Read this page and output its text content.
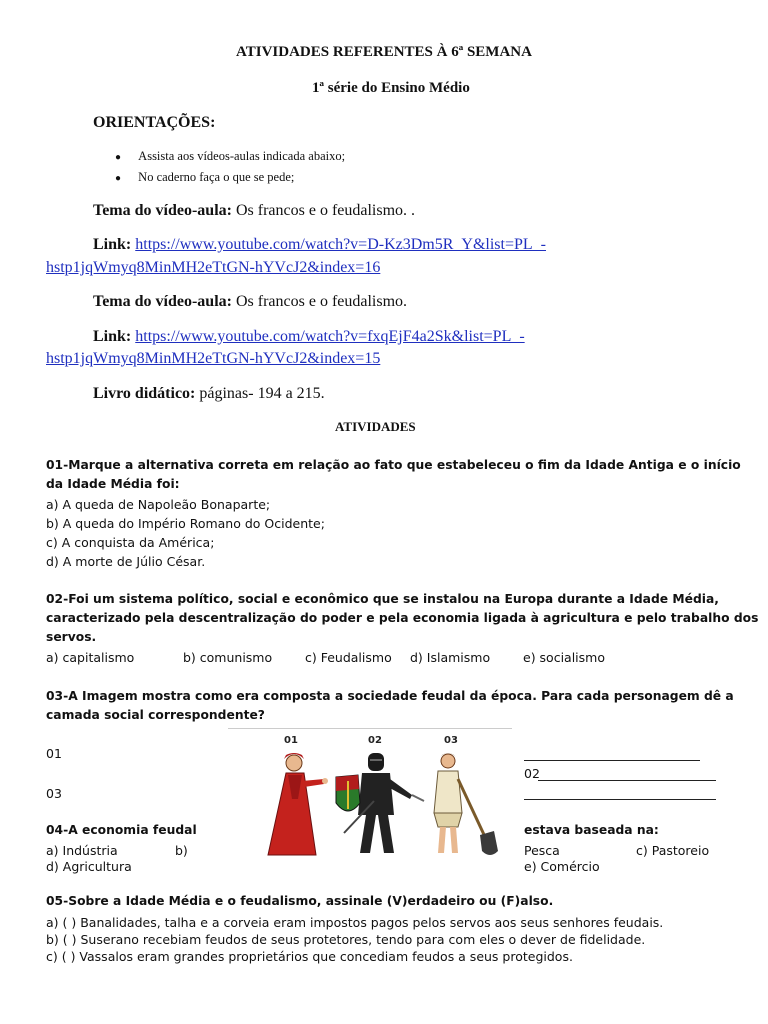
ATIVIDADES REFERENTES À 6ª SEMANA
1ª série do Ensino Médio
ORIENTAÇÕES:
● Assista aos vídeos-aulas indicada abaixo;
● No caderno faça o que se pede;
Tema do vídeo-aula: Os francos e o feudalismo. .
Link: https://www.youtube.com/watch?v=D-Kz3Dm5R_Y&list=PL_-
hstp1jqWmyq8MinMH2eTtGN-hYVcJ2&index=16
Tema do vídeo-aula: Os francos e o feudalismo.
Link: https://www.youtube.com/watch?v=fxqEjF4a2Sk&list=PL_-
hstp1jqWmyq8MinMH2eTtGN-hYVcJ2&index=15
Livro didático: páginas- 194 a 215.
ATIVIDADES
01-Marque a alternativa correta em relação ao fato que estabeleceu o fim da Idade Antiga e o início
da Idade Média foi:
a) A queda de Napoleão Bonaparte;
b) A queda do Império Romano do Ocidente;
c) A conquista da América;
d) A morte de Júlio César.
02-Foi um sistema político, social e econômico que se instalou na Europa durante a Idade Média,
caracterizado pela descentralização do poder e pela economia ligada à agricultura e pelo trabalho dos
servos.
a) capitalismo	b) comunismo	c) Feudalismo d) Islamismo	e) socialismo
03-A Imagem mostra como era composta a sociedade feudal da época. Para cada personagem dê a
camada social correspondente?
01
03
01	02	03
02
04-A economia feudal	estava baseada na:
a) Indústria	b)	Pesca	c) Pastoreio
d) Agricultura	e) Comércio
05-Sobre a Idade Média e o feudalismo, assinale (V)erdadeiro ou (F)also.
a) ( ) Banalidades, talha e a corveia eram impostos pagos pelos servos aos seus senhores feudais.
b) ( ) Suserano recebiam feudos de seus protetores, tendo para com eles o dever de fidelidade.
c) ( ) Vassalos eram grandes proprietários que concediam feudos a seus protegidos.
